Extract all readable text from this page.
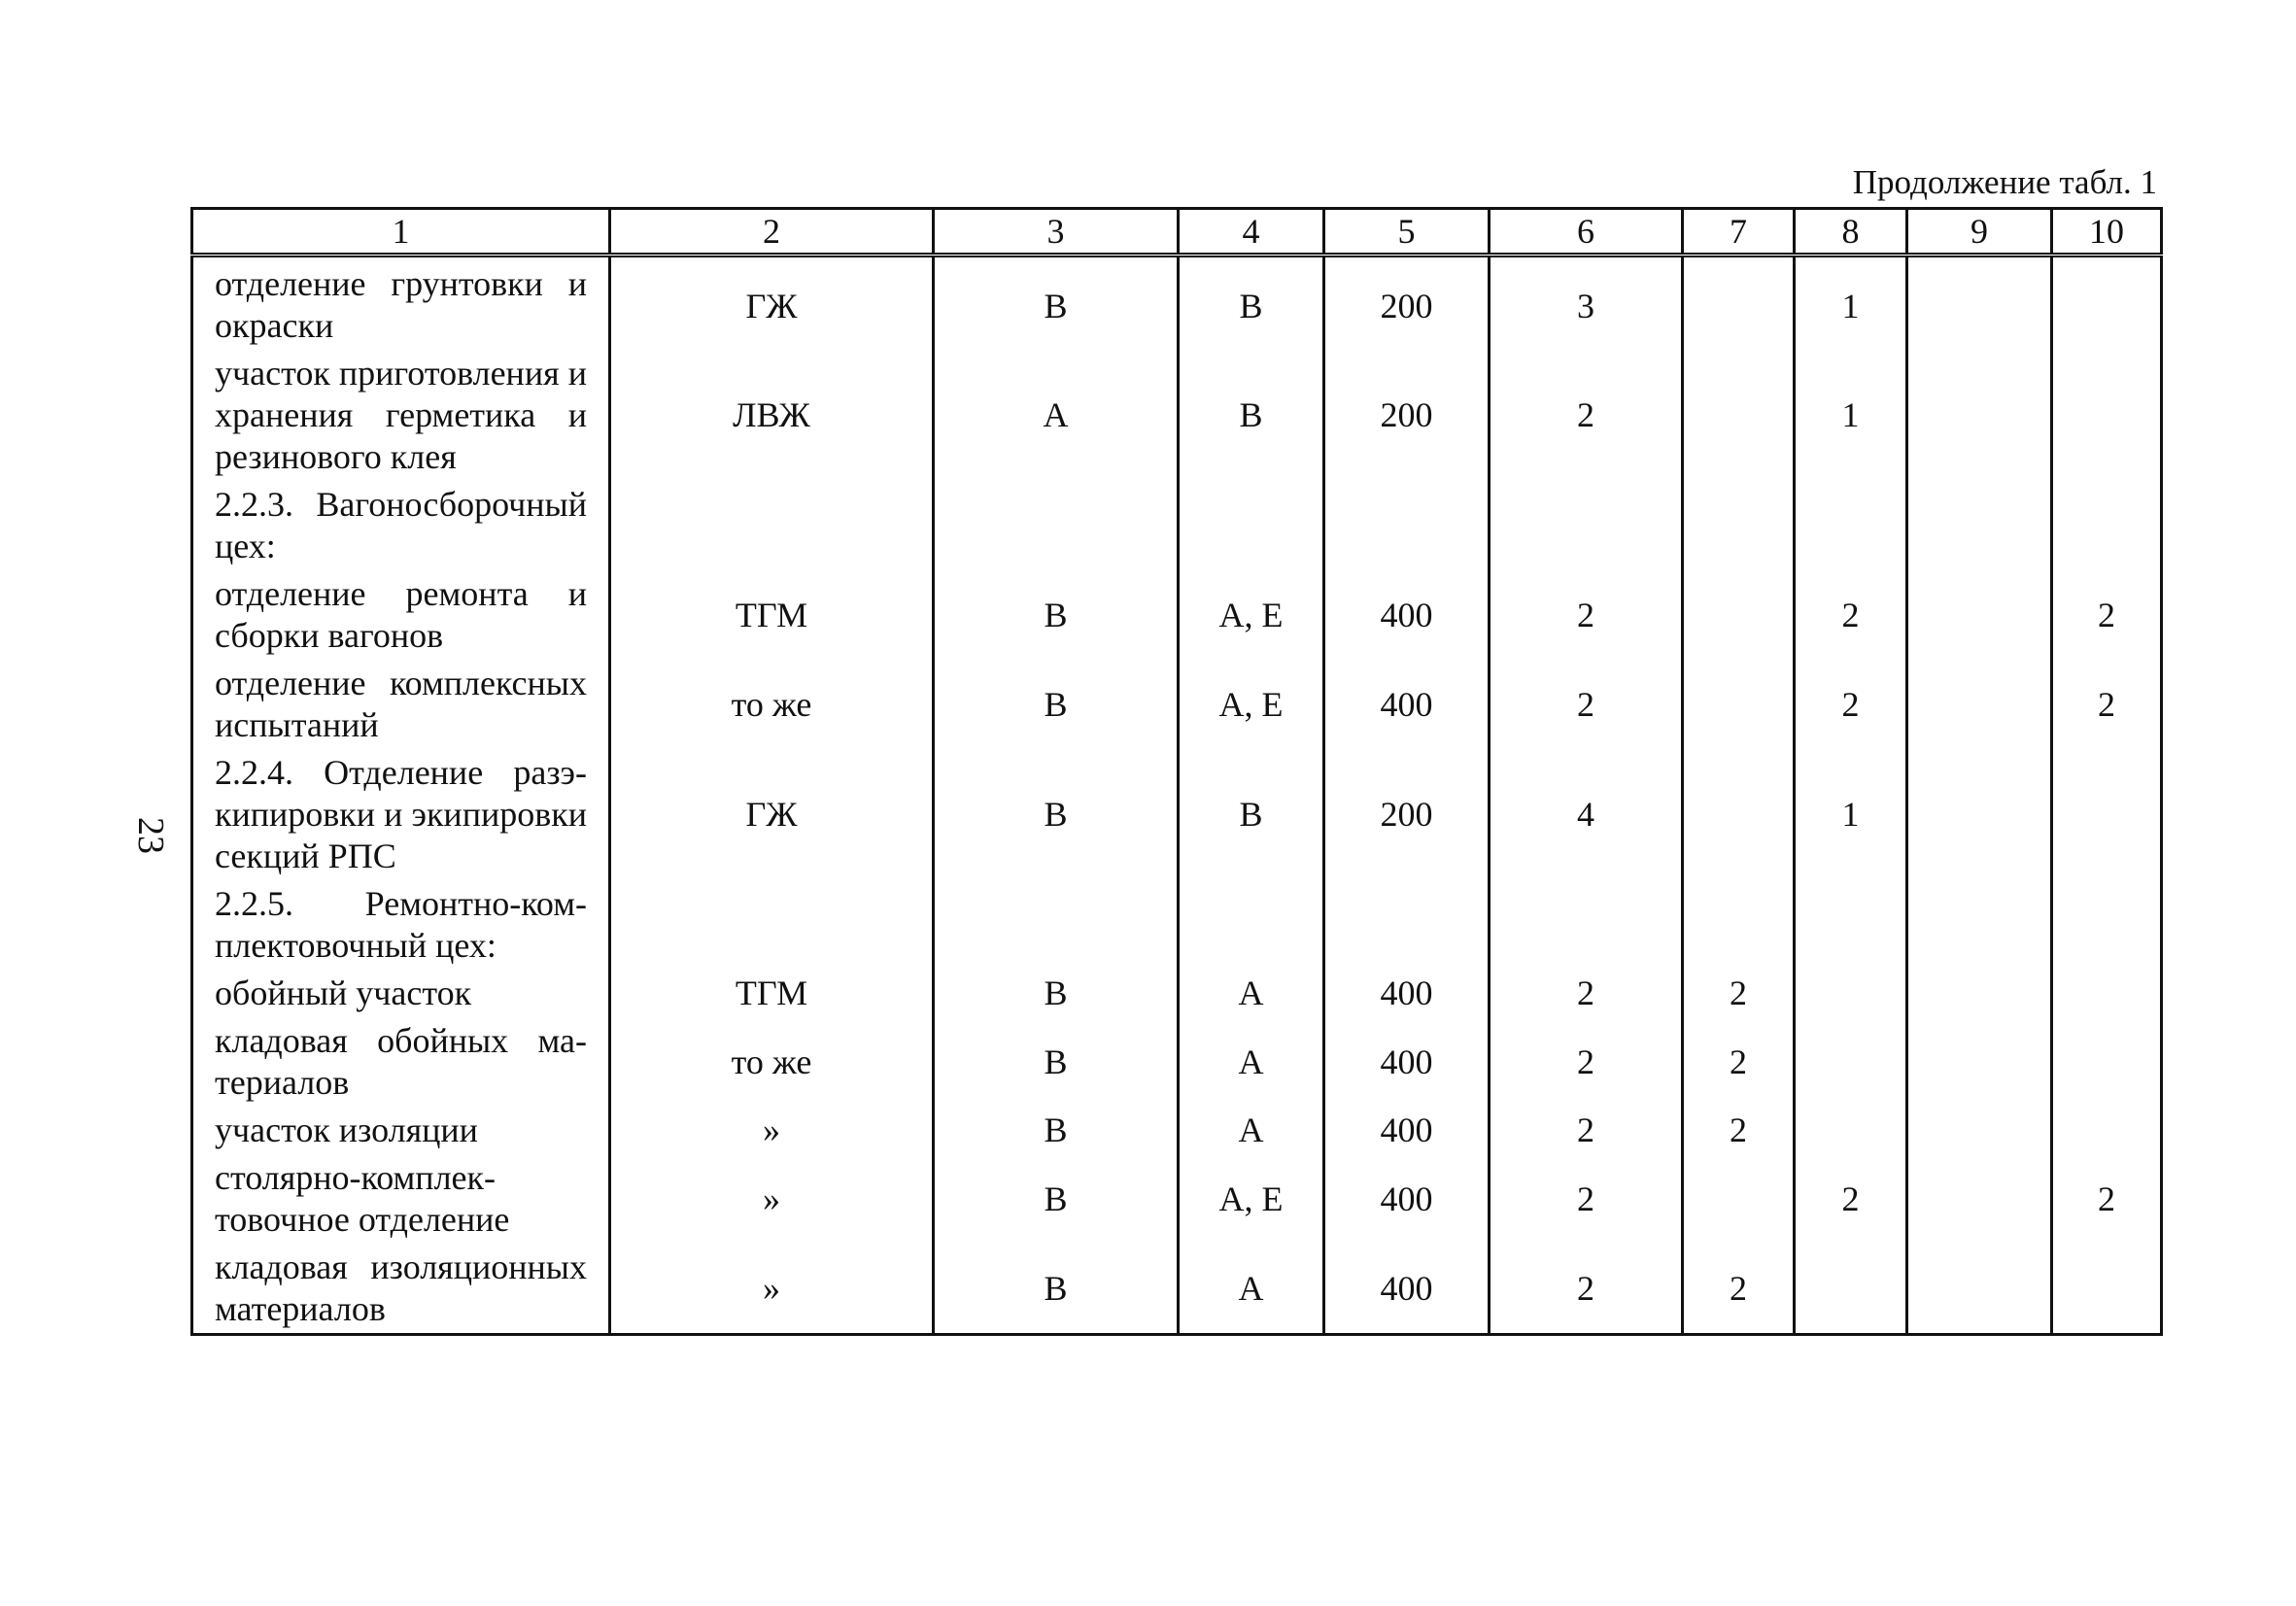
Продолжение табл. 1
23
1	2	3	4	5	6	7	8	9	10
отделение грунтовки и окраски	ГЖ	В	В	200	3		1		
участок приготовления и хранения герметика и резинового клея	ЛВЖ	А	В	200	2		1		
2.2.3. Вагоносборочный цех:									
отделение ремонта и сборки вагонов	ТГМ	В	А, Е	400	2		2		2
отделение комплексных испытаний	то же	В	А, Е	400	2		2		2
2.2.4. Отделение разэкипировки и экипировки секций РПС	ГЖ	В	В	200	4		1		
2.2.5. Ремонтно-комплектовочный цех:									
обойный участок	ТГМ	В	А	400	2	2			
кладовая обойных материалов	то же	В	А	400	2	2			
участок изоляции	»	В	А	400	2	2			
столярно-комплектовочное отделение	»	В	А, Е	400	2		2		2
кладовая изоляционных материалов	»	В	А	400	2	2			
